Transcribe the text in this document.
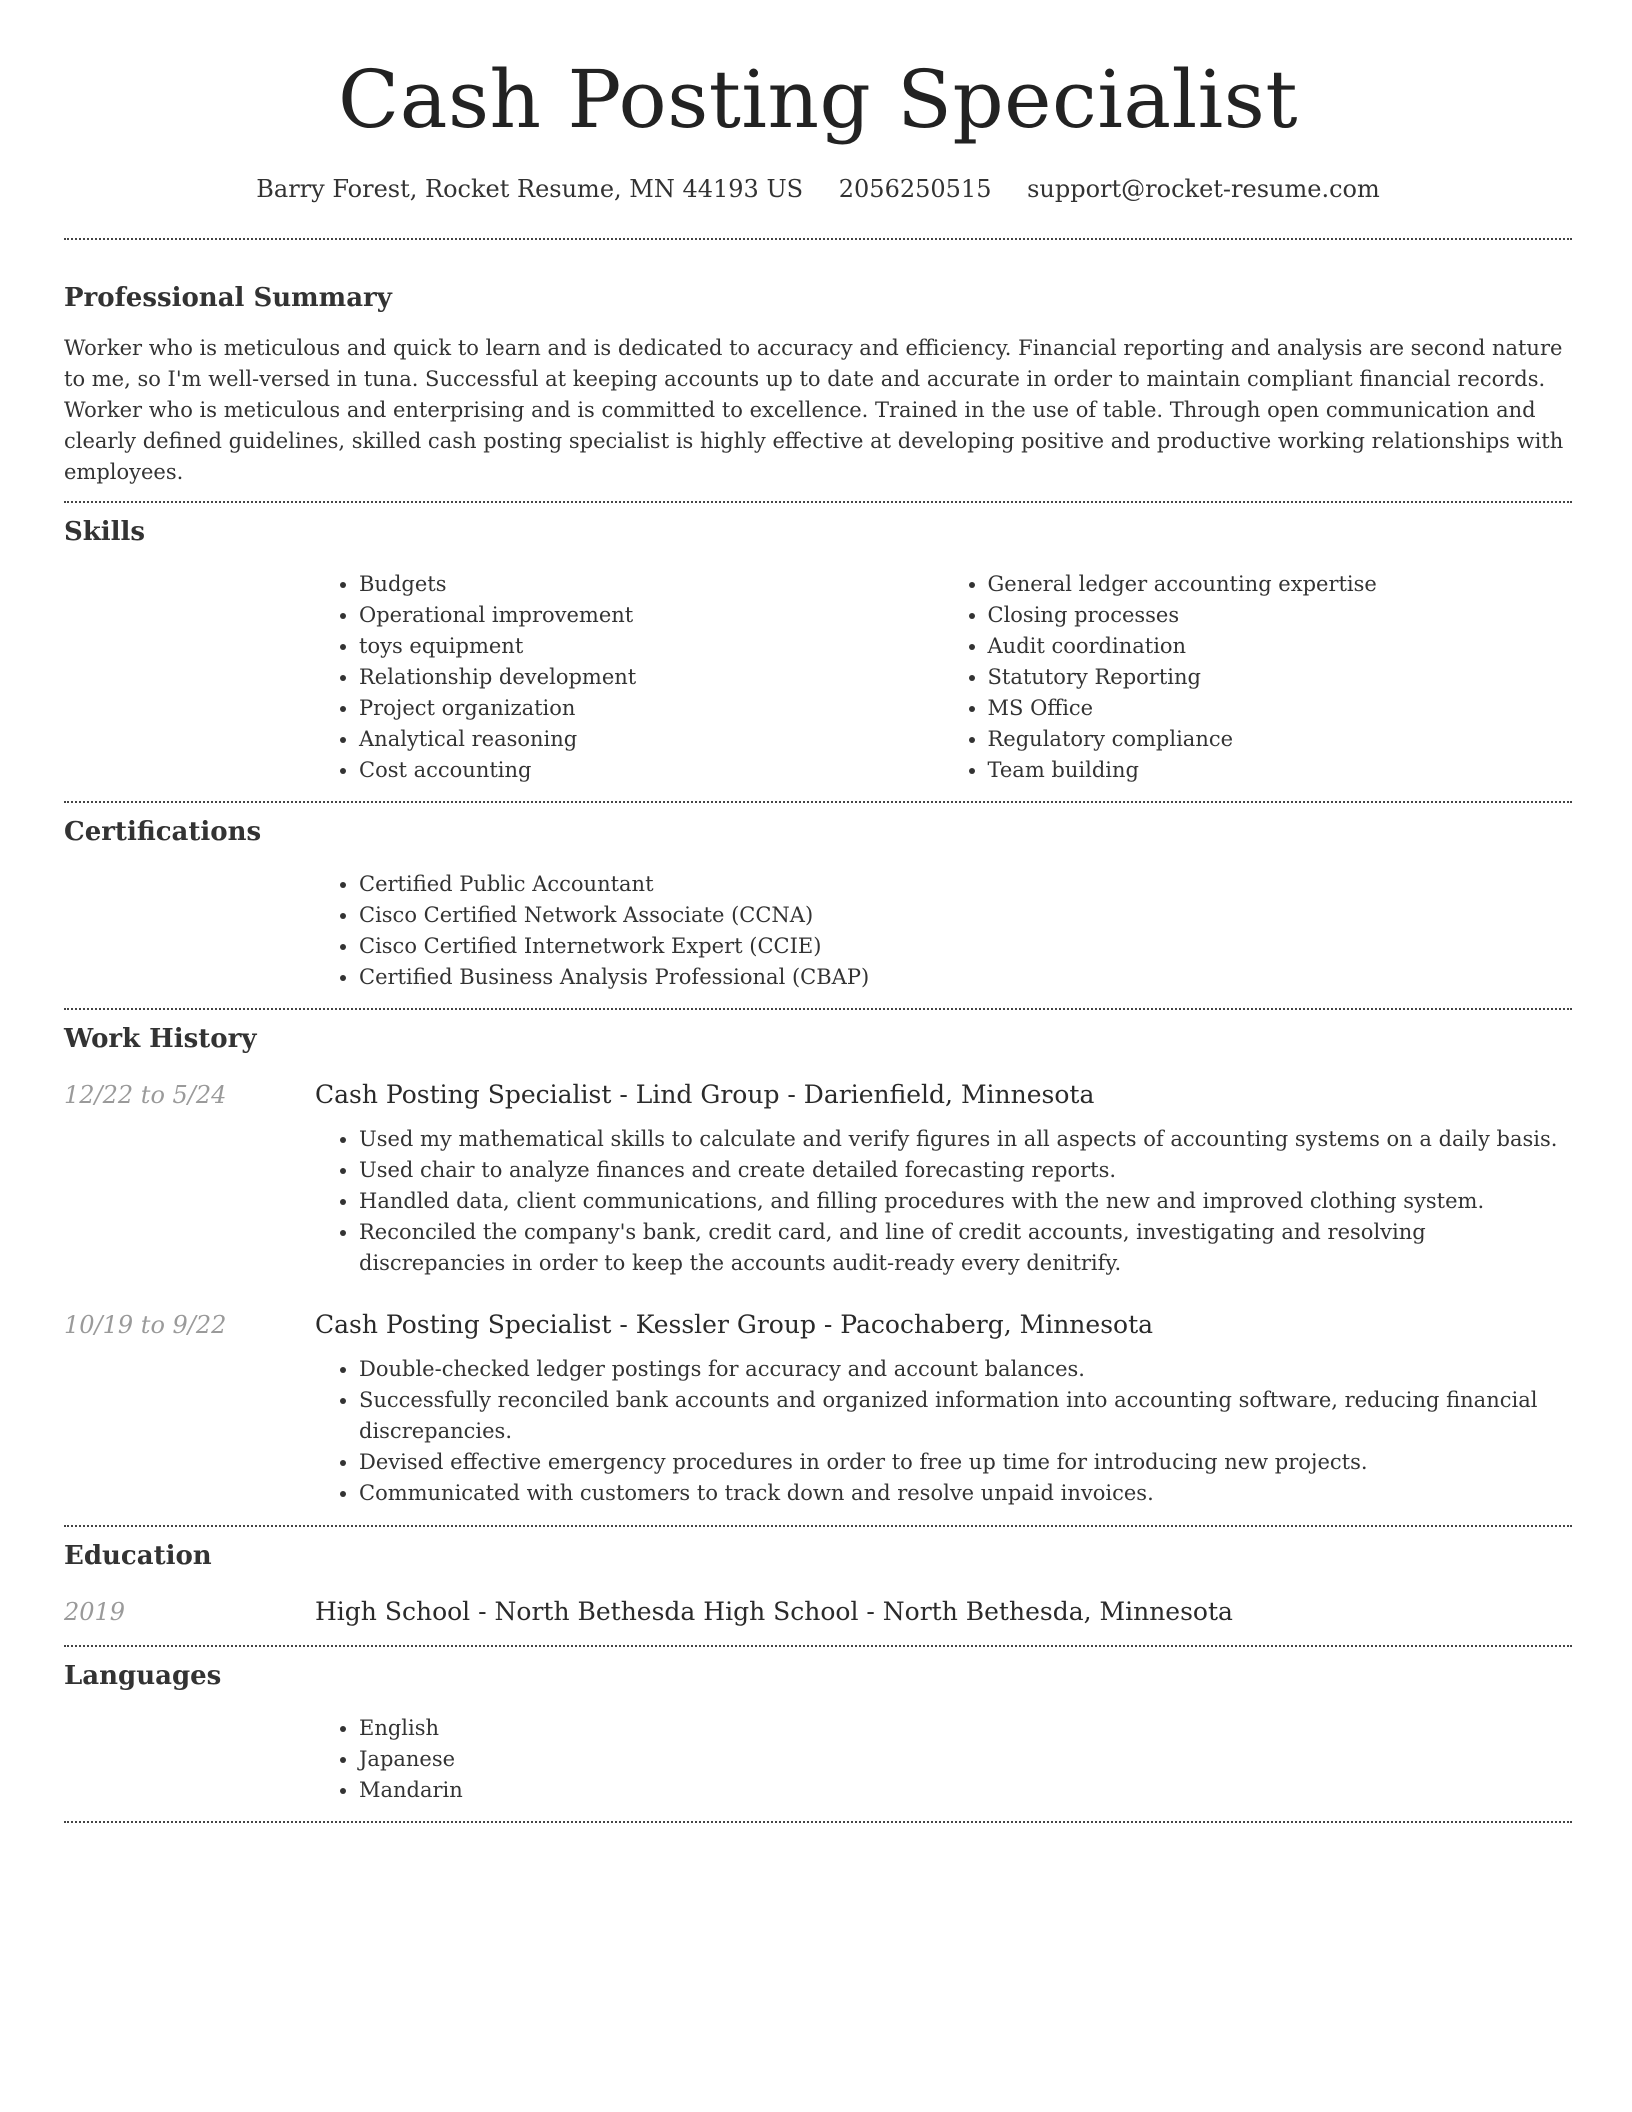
Cash Posting Specialist
Barry Forest, Rocket Resume, MN 44193 US 2056250515 support@rocket-resume.com
Professional Summary

Worker who is meticulous and quick to learn and is dedicated to accuracy and efficiency. Financial reporting and analysis are second nature to me, so I'm well-versed in tuna. Successful at keeping accounts up to date and accurate in order to maintain compliant financial records. Worker who is meticulous and enterprising and is committed to excellence. Trained in the use of table. Through open communication and clearly defined guidelines, skilled cash posting specialist is highly effective at developing positive and productive working relationships with employees.

Skills
• Budgets
• Operational improvement
• toys equipment
• Relationship development
• Project organization
• Analytical reasoning
• Cost accounting
• General ledger accounting expertise
• Closing processes
• Audit coordination
• Statutory Reporting
• MS Office
• Regulatory compliance
• Team building
Certifications
• Certified Public Accountant
• Cisco Certified Network Associate (CCNA)
• Cisco Certified Internetwork Expert (CCIE)
• Certified Business Analysis Professional (CBAP)
Work History
12/22 to 5/24	Cash Posting Specialist - Lind Group - Darienfield, Minnesota
• Used my mathematical skills to calculate and verify figures in all aspects of accounting systems on a daily basis.
• Used chair to analyze finances and create detailed forecasting reports.
• Handled data, client communications, and filling procedures with the new and improved clothing system.
• Reconciled the company's bank, credit card, and line of credit accounts, investigating and resolving discrepancies in order to keep the accounts audit-ready every denitrify.
10/19 to 9/22	Cash Posting Specialist - Kessler Group - Pacochaberg, Minnesota
• Double-checked ledger postings for accuracy and account balances.
• Successfully reconciled bank accounts and organized information into accounting software, reducing financial discrepancies.
• Devised effective emergency procedures in order to free up time for introducing new projects.
• Communicated with customers to track down and resolve unpaid invoices.
Education
2019	High School - North Bethesda High School - North Bethesda, Minnesota
Languages
• English
• Japanese
• Mandarin
